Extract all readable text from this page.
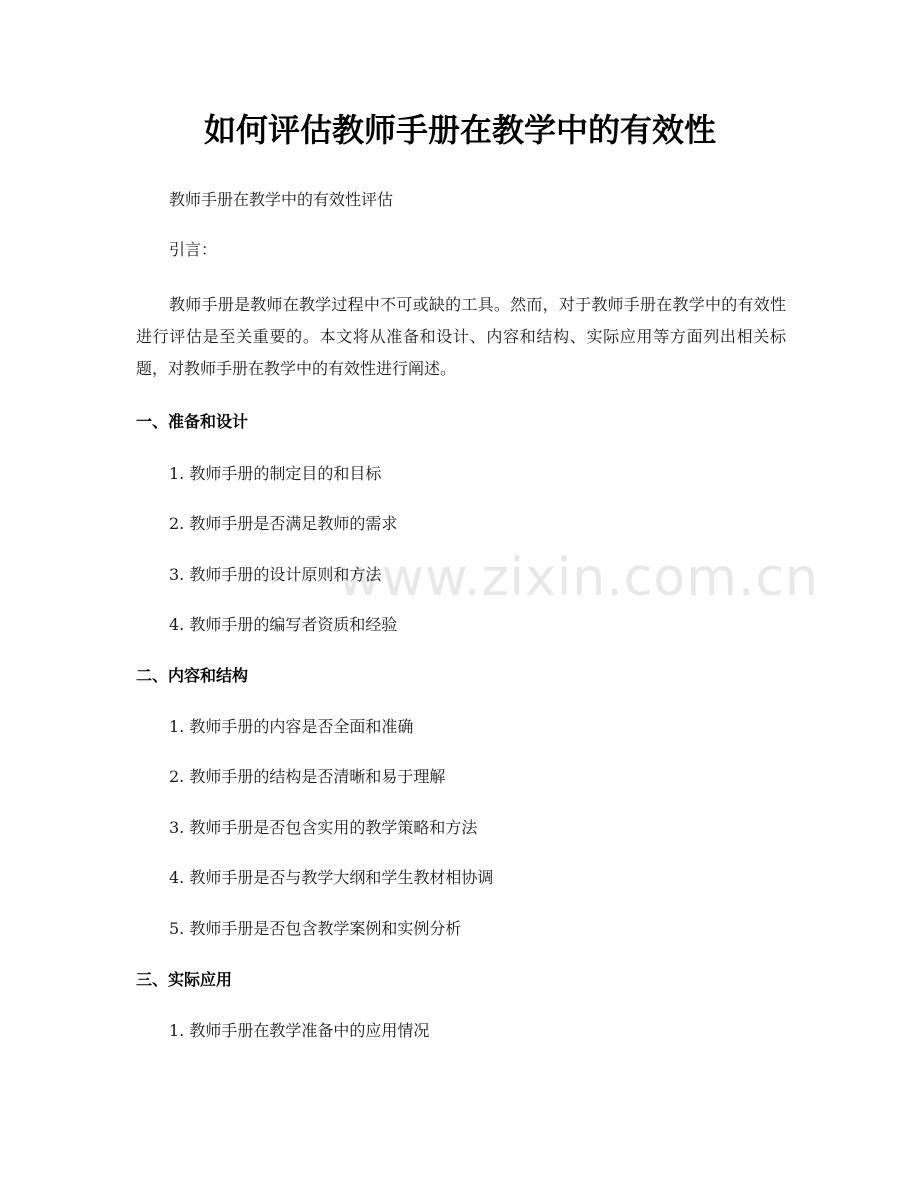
www.zixin.com.cn
如何评估教师手册在教学中的有效性
教师手册在教学中的有效性评估
引言：
教师手册是教师在教学过程中不可或缺的工具。然而，对于教师手册在教学中的有效性进行评估是至关重要的。本文将从准备和设计、内容和结构、实际应用等方面列出相关标题，对教师手册在教学中的有效性进行阐述。
一、准备和设计
1. 教师手册的制定目的和目标
2. 教师手册是否满足教师的需求
3. 教师手册的设计原则和方法
4. 教师手册的编写者资质和经验
二、内容和结构
1. 教师手册的内容是否全面和准确
2. 教师手册的结构是否清晰和易于理解
3. 教师手册是否包含实用的教学策略和方法
4. 教师手册是否与教学大纲和学生教材相协调
5. 教师手册是否包含教学案例和实例分析
三、实际应用
1. 教师手册在教学准备中的应用情况
